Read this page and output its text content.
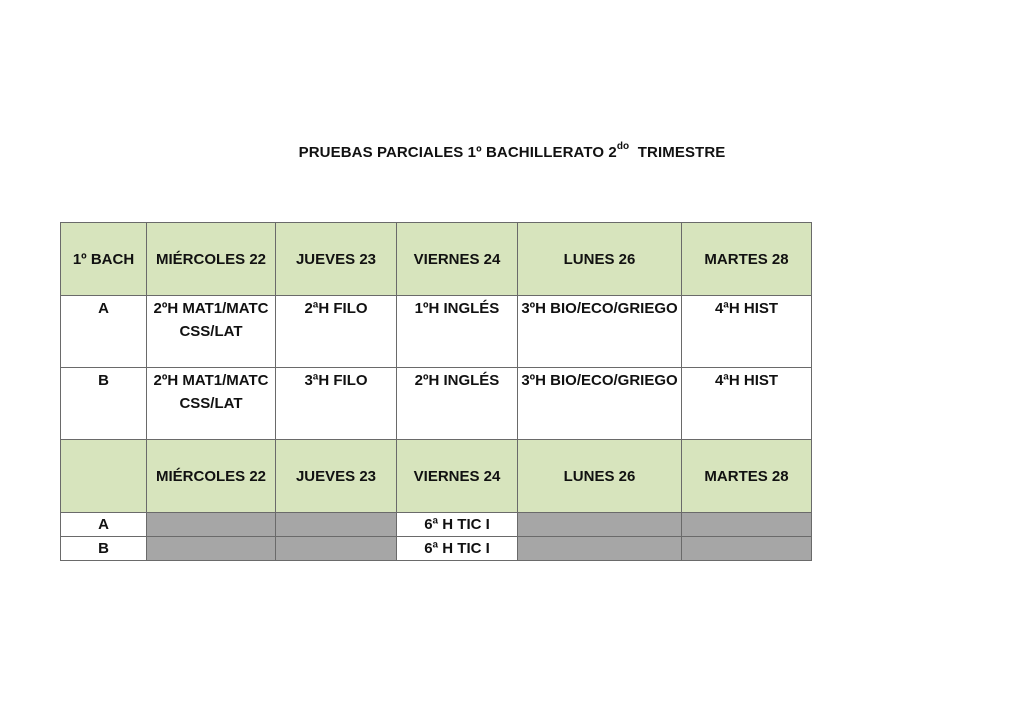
PRUEBAS PARCIALES 1º BACHILLERATO $2^{do}$  TRIMESTRE
1º BACH	MIÉRCOLES 22	JUEVES 23	VIERNES 24	LUNES 26	MARTES 28
A	2ºH MAT1/MATCCSS/LAT	2ªH FILO	1ºH INGLÉS	3ºH BIO/ECO/GRIEGO	4ªH HIST
B	2ºH MAT1/MATCCSS/LAT	3ªH FILO	2ºH INGLÉS	3ºH BIO/ECO/GRIEGO	4ªH HIST
	MIÉRCOLES 22	JUEVES 23	VIERNES 24	LUNES 26	MARTES 28
A			6ª H TIC I		
B			6ª H TIC I		
